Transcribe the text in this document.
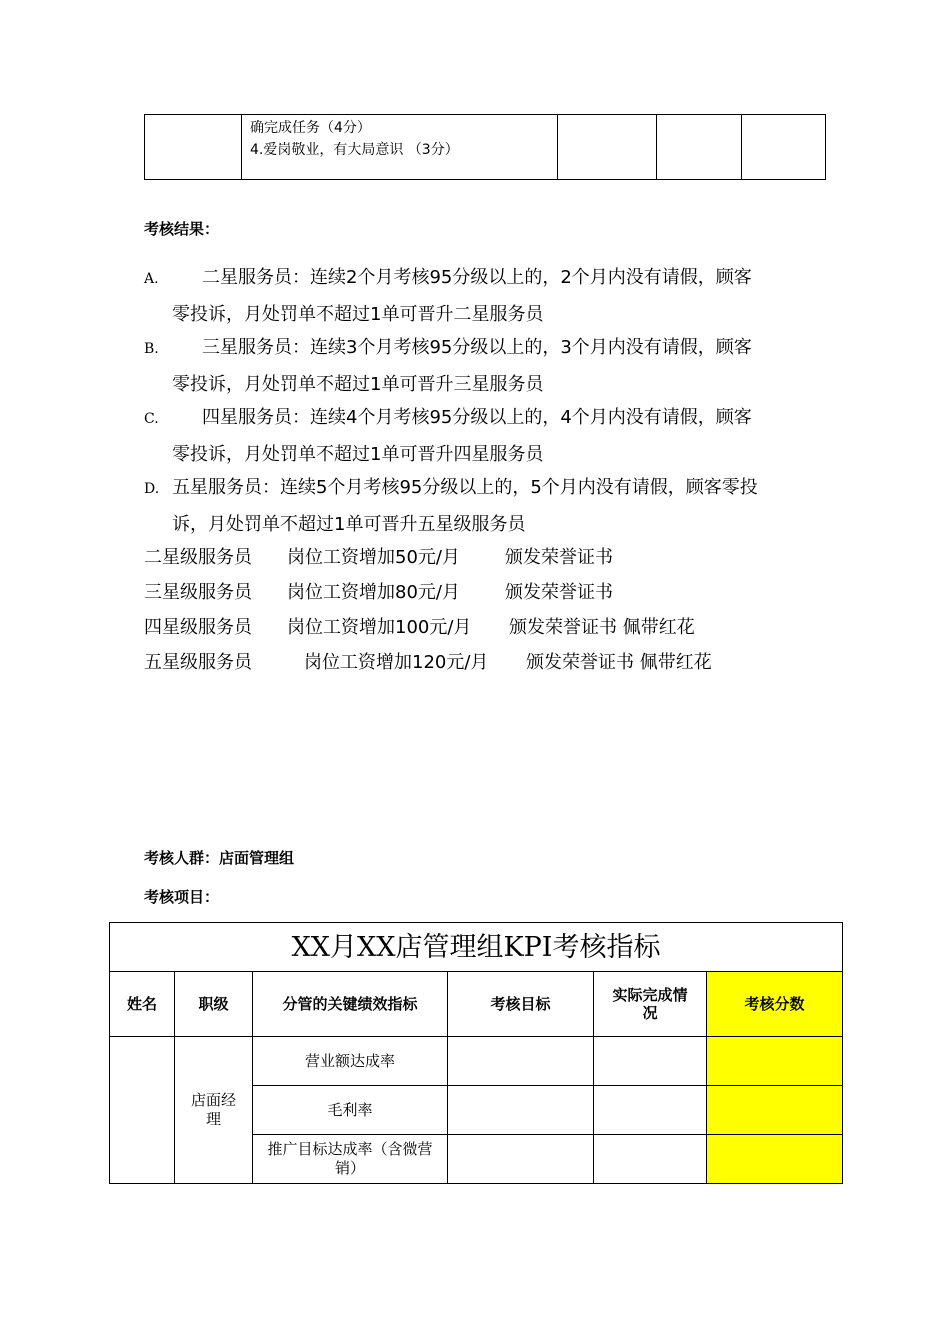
确完成任务（4分）
4.爱岗敬业，有大局意识 （3分）

考核结果：
A. 二星服务员：连续2个月考核95分级以上的，2个月内没有请假，顾客
零投诉，月处罚单不超过1单可晋升二星服务员
B. 三星服务员：连续3个月考核95分级以上的，3个月内没有请假，顾客
零投诉，月处罚单不超过1单可晋升三星服务员
C. 四星服务员：连续4个月考核95分级以上的，4个月内没有请假，顾客
零投诉，月处罚单不超过1单可晋升四星服务员
D. 五星服务员：连续5个月考核95分级以上的，5个月内没有请假，顾客零投
诉，月处罚单不超过1单可晋升五星级服务员
二星级服务员 岗位工资增加50元/月	颁发荣誉证书
三星级服务员 岗位工资增加80元/月	颁发荣誉证书
四星级服务员 岗位工资增加100元/月 颁发荣誉证书 佩带红花
五星级服务员	岗位工资增加120元/月 颁发荣誉证书 佩带红花
考核人群：店面管理组
考核项目：
XX月XX店管理组KPI考核指标					
姓名	职级	分管的关键绩效指标	考核目标	实际完成情况	考核分数
	店面经理	营业额达成率			
		毛利率			
		推广目标达成率（含微营销）			
